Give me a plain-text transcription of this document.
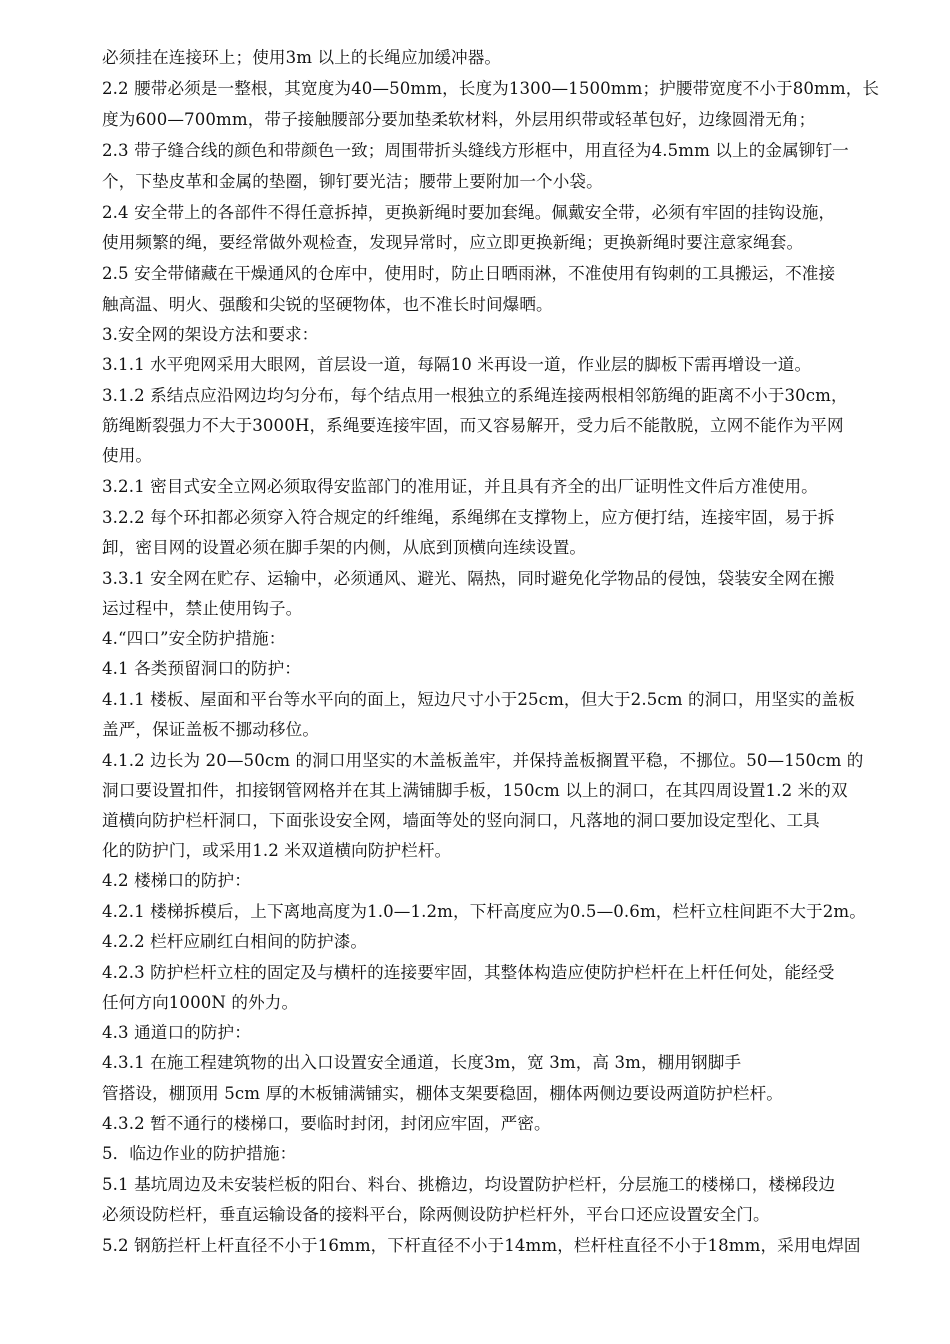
必须挂在连接环上；使用3m 以上的长绳应加缓冲器。
2.2 腰带必须是一整根，其宽度为40—50mm，长度为1300—1500mm；护腰带宽度不小于80mm，长
度为600—700mm，带子接触腰部分要加垫柔软材料，外层用织带或轻革包好，边缘圆滑无角；
2.3 带子缝合线的颜色和带颜色一致；周围带折头缝线方形框中，用直径为4.5mm 以上的金属铆钉一
个，下垫皮革和金属的垫圈，铆钉要光洁；腰带上要附加一个小袋。
2.4 安全带上的各部件不得任意拆掉，更换新绳时要加套绳。佩戴安全带，必须有牢固的挂钩设施，
使用频繁的绳，要经常做外观检查，发现异常时，应立即更换新绳；更换新绳时要注意家绳套。
2.5 安全带储藏在干燥通风的仓库中，使用时，防止日晒雨淋，不准使用有钩刺的工具搬运，不准接
触高温、明火、强酸和尖锐的坚硬物体，也不准长时间爆晒。
3.安全网的架设方法和要求：
3.1.1 水平兜网采用大眼网，首层设一道，每隔10 米再设一道，作业层的脚板下需再增设一道。
3.1.2 系结点应沿网边均匀分布，每个结点用一根独立的系绳连接两根相邻筋绳的距离不小于30cm，
筋绳断裂强力不大于3000H，系绳要连接牢固，而又容易解开，受力后不能散脱，立网不能作为平网
使用。
3.2.1 密目式安全立网必须取得安监部门的准用证，并且具有齐全的出厂证明性文件后方准使用。
3.2.2 每个环扣都必须穿入符合规定的纤维绳，系绳绑在支撑物上，应方便打结，连接牢固，易于拆
卸，密目网的设置必须在脚手架的内侧，从底到顶横向连续设置。
3.3.1 安全网在贮存、运输中，必须通风、避光、隔热，同时避免化学物品的侵蚀，袋装安全网在搬
运过程中，禁止使用钩子。
4.“四口”安全防护措施：
4.1 各类预留洞口的防护：
4.1.1 楼板、屋面和平台等水平向的面上，短边尺寸小于25cm，但大于2.5cm 的洞口，用坚实的盖板
盖严，保证盖板不挪动移位。
4.1.2 边长为 20—50cm 的洞口用坚实的木盖板盖牢，并保持盖板搁置平稳，不挪位。50—150cm 的
洞口要设置扣件，扣接钢管网格并在其上满铺脚手板，150cm 以上的洞口，在其四周设置1.2 米的双
道横向防护栏杆洞口，下面张设安全网，墙面等处的竖向洞口，凡落地的洞口要加设定型化、工具
化的防护门，或采用1.2 米双道横向防护栏杆。
4.2 楼梯口的防护：
4.2.1 楼梯拆模后，上下离地高度为1.0—1.2m，下杆高度应为0.5—0.6m，栏杆立柱间距不大于2m。
4.2.2 栏杆应刷红白相间的防护漆。
4.2.3 防护栏杆立柱的固定及与横杆的连接要牢固，其整体构造应使防护栏杆在上杆任何处，能经受
任何方向1000N 的外力。
4.3 通道口的防护：
4.3.1 在施工程建筑物的出入口设置安全通道，长度3m，宽 3m，高 3m，棚用钢脚手
管搭设，棚顶用 5cm 厚的木板铺满铺实，棚体支架要稳固，棚体两侧边要设两道防护栏杆。
4.3.2 暂不通行的楼梯口，要临时封闭，封闭应牢固，严密。
5．临边作业的防护措施：
5.1 基坑周边及未安装栏板的阳台、料台、挑檐边，均设置防护栏杆，分层施工的楼梯口，楼梯段边
必须设防栏杆，垂直运输设备的接料平台，除两侧设防护栏杆外，平台口还应设置安全门。
5.2 钢筋拦杆上杆直径不小于16mm，下杆直径不小于14mm，栏杆柱直径不小于18mm，采用电焊固
